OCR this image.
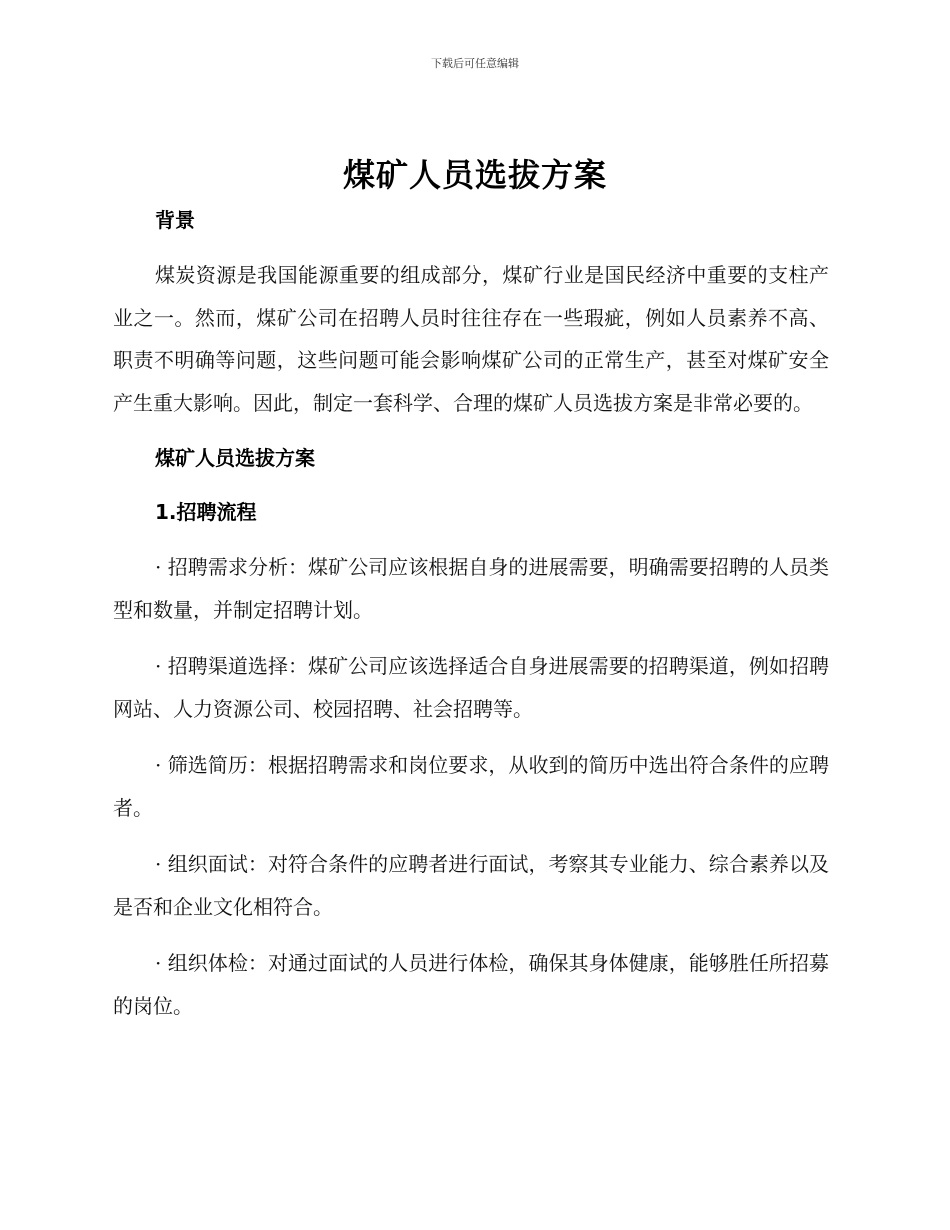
下载后可任意编辑
煤矿人员选拔方案
背景

煤炭资源是我国能源重要的组成部分，煤矿行业是国民经济中重要的支柱产业之一。然而，煤矿公司在招聘人员时往往存在一些瑕疵，例如人员素养不高、职责不明确等问题，这些问题可能会影响煤矿公司的正常生产，甚至对煤矿安全产生重大影响。因此，制定一套科学、合理的煤矿人员选拔方案是非常必要的。

煤矿人员选拔方案
1.招聘流程

· 招聘需求分析：煤矿公司应该根据自身的进展需要，明确需要招聘的人员类型和数量，并制定招聘计划。

· 招聘渠道选择：煤矿公司应该选择适合自身进展需要的招聘渠道，例如招聘网站、人力资源公司、校园招聘、社会招聘等。

· 筛选简历：根据招聘需求和岗位要求，从收到的简历中选出符合条件的应聘者。

· 组织面试：对符合条件的应聘者进行面试，考察其专业能力、综合素养以及是否和企业文化相符合。

· 组织体检：对通过面试的人员进行体检，确保其身体健康，能够胜任所招募的岗位。
